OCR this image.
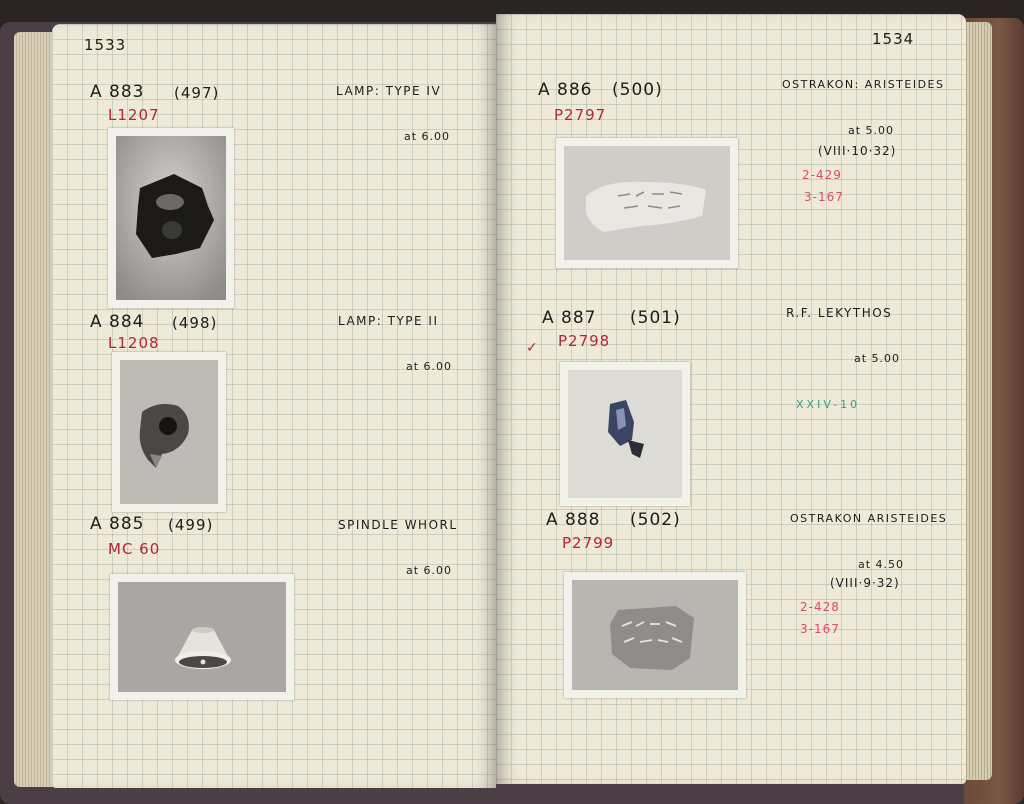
1533
A 883 (497)
L1207
LAMP: TYPE IV
at 6.00
A 884 (498)
L1208
LAMP: TYPE II
at 6.00
A 885 (499)
MC 60
SPINDLE WHORL
at 6.00
1534
A 886 (500)
P2797
OSTRAKON: ARISTEIDES
at 5.00
(VIII·10·32)
2-429
3-167
A 887 (501)
✓ P2798
R.F. LEKYTHOS
at 5.00
XXIV-10
A 888 (502)
P2799
OSTRAKON ARISTEIDES
at 4.50
(VIII·9·32)
2-428
3-167
